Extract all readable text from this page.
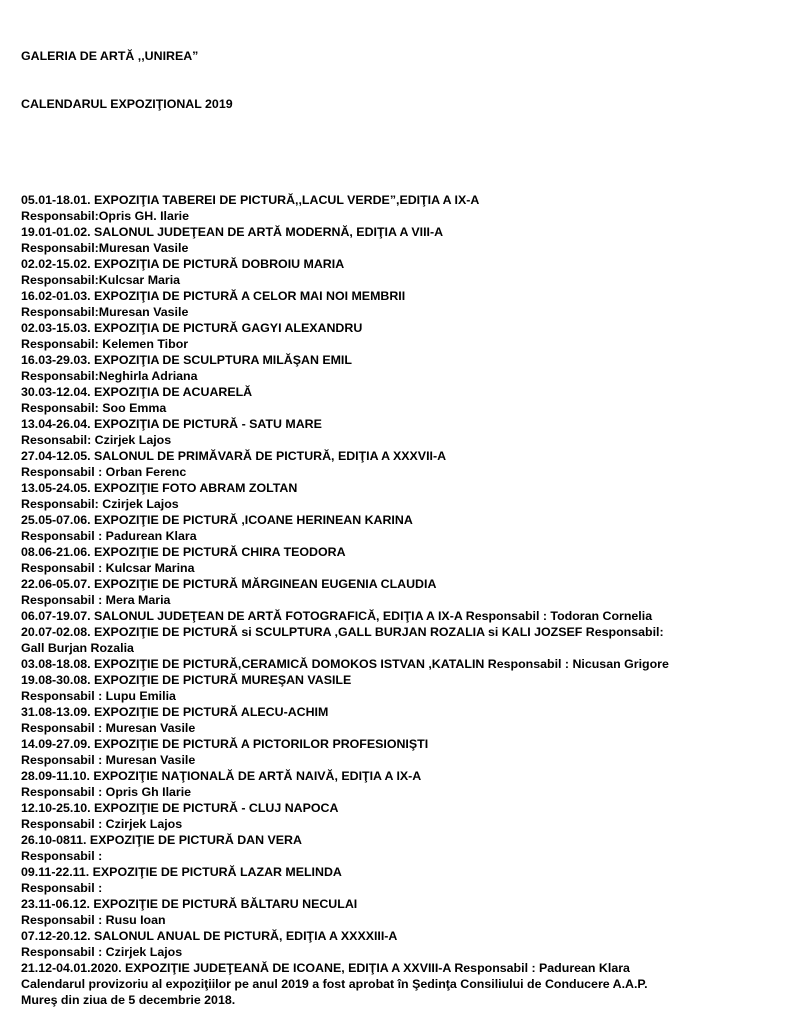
GALERIA DE ARTĂ ,,UNIREA”

CALENDARUL EXPOZIŢIONAL 2019

05.01-18.01. EXPOZIŢIA TABEREI DE PICTURĂ,,LACUL VERDE”,EDIŢIA A IX-A
Responsabil:Opris GH. Ilarie
19.01-01.02. SALONUL JUDEŢEAN DE ARTĂ MODERNĂ, EDIŢIA A VIII-A
Responsabil:Muresan Vasile
02.02-15.02. EXPOZIŢIA DE PICTURĂ DOBROIU MARIA
Responsabil:Kulcsar Maria
16.02-01.03. EXPOZIŢIA DE PICTURĂ A CELOR MAI NOI MEMBRII
Responsabil:Muresan Vasile
02.03-15.03. EXPOZIŢIA DE PICTURĂ GAGYI ALEXANDRU
Responsabil: Kelemen Tibor
16.03-29.03. EXPOZIŢIA DE SCULPTURA MILĂŞAN EMIL
Responsabil:Neghirla Adriana
30.03-12.04. EXPOZIŢIA DE ACUARELĂ
Responsabil: Soo Emma
13.04-26.04. EXPOZIŢIA DE PICTURĂ - SATU MARE
Resonsabil: Czirjek Lajos
27.04-12.05. SALONUL DE PRIMĂVARĂ DE PICTURĂ, EDIŢIA A XXXVII-A
Responsabil : Orban Ferenc
13.05-24.05. EXPOZIŢIE FOTO ABRAM ZOLTAN
Responsabil: Czirjek Lajos
25.05-07.06. EXPOZIŢIE DE PICTURĂ ,ICOANE HERINEAN KARINA
Responsabil : Padurean Klara
08.06-21.06. EXPOZIŢIE DE PICTURĂ CHIRA TEODORA
Responsabil : Kulcsar Marina
22.06-05.07. EXPOZIŢIE DE PICTURĂ MĂRGINEAN EUGENIA CLAUDIA
Responsabil : Mera Maria
06.07-19.07. SALONUL JUDEŢEAN DE ARTĂ FOTOGRAFICĂ, EDIŢIA A IX-A Responsabil : Todoran Cornelia
20.07-02.08. EXPOZIŢIE DE PICTURĂ si SCULPTURA ,GALL BURJAN ROZALIA si KALI JOZSEF Responsabil:
Gall Burjan Rozalia
03.08-18.08. EXPOZIŢIE DE PICTURĂ,CERAMICĂ DOMOKOS ISTVAN ,KATALIN Responsabil : Nicusan Grigore
19.08-30.08. EXPOZIŢIE DE PICTURĂ MUREŞAN VASILE
Responsabil : Lupu Emilia
31.08-13.09. EXPOZIŢIE DE PICTURĂ ALECU-ACHIM
Responsabil : Muresan Vasile
14.09-27.09. EXPOZIŢIE DE PICTURĂ A PICTORILOR PROFESIONIŞTI
Responsabil : Muresan Vasile
28.09-11.10. EXPOZIŢIE NAŢIONALĂ DE ARTĂ NAIVĂ, EDIŢIA A IX-A
Responsabil : Opris Gh Ilarie
12.10-25.10. EXPOZIŢIE DE PICTURĂ - CLUJ NAPOCA
Responsabil : Czirjek Lajos
26.10-0811. EXPOZIŢIE DE PICTURĂ DAN VERA
Responsabil :
09.11-22.11. EXPOZIŢIE DE PICTURĂ LAZAR MELINDA
Responsabil :
23.11-06.12. EXPOZIŢIE DE PICTURĂ BĂLTARU NECULAI
Responsabil : Rusu Ioan
07.12-20.12. SALONUL ANUAL DE PICTURĂ, EDIŢIA A XXXXIII-A
Responsabil : Czirjek Lajos
21.12-04.01.2020. EXPOZIŢIE JUDEŢEANĂ DE ICOANE, EDIŢIA A XXVIII-A Responsabil : Padurean Klara
Calendarul provizoriu al expoziţiilor pe anul 2019 a fost aprobat în Şedinţa Consiliului de Conducere A.A.P.
Mureş din ziua de 5 decembrie 2018.
